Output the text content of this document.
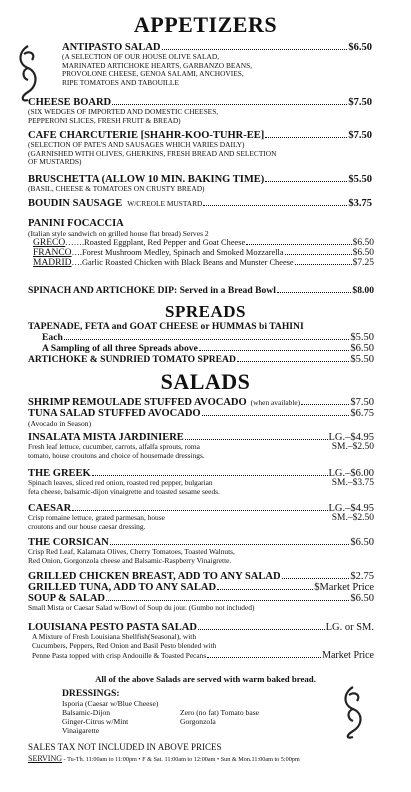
APPETIZERS
ANTIPASTO SALAD	$6.50
(A SELECTION OF OUR HOUSE OLIVE SALAD,
MARINATED ARTICHOKE HEARTS, GARBANZO BEANS,
PROVOLONE CHEESE, GENOA SALAMI, ANCHOVIES,
RIPE TOMATOES AND TABOUILLE
CHEESE BOARD	$7.50
(SIX WEDGES OF IMPORTED AND DOMESTIC CHEESES,
PEPPERONI SLICES, FRESH FRUIT & BREAD)
CAFE CHARCUTERIE [SHAHR-KOO-TUHR-EE]	$7.50
(SELECTION OF PATE'S AND SAUSAGES WHICH VARIES DAILY)
(GARNISHED WITH OLIVES, GHERKINS, FRESH BREAD AND SELECTION
OF MUSTARDS)
BRUSCHETTA (ALLOW 10 MIN. BAKING TIME)	$5.50
(BASIL, CHEESE & TOMATOES ON CRUSTY BREAD)
BOUDIN SAUSAGE W/CREOLE MUSTARD	$3.75
PANINI FOCACCIA
(Italian style sandwich on grilled house flat bread) Serves 2
GRECO …….Roasted Eggplant, Red Pepper and Goat Cheese	$6.50
FRANCO ….Forest Mushroom Medley, Spinach and Smoked Mozzarella	$6.50
MADRID ….Garlic Roasted Chicken with Black Beans and Munster Cheese	$7.25
SPINACH AND ARTICHOKE DIP: Served in a Bread Bowl	$8.00
SPREADS
TAPENADE, FETA and GOAT CHEESE or HUMMAS bi TAHINI
Each	$5.50
A Sampling of all three Spreads above	$6.50
ARTICHOKE & SUNDRIED TOMATO SPREAD	$5.50
SALADS
SHRIMP REMOULADE STUFFED AVOCADO (when available)	$7.50
TUNA SALAD STUFFED AVOCADO	$6.75
(Avocado in Season)
INSALATA MISTA JARDINIERE	LG.–$4.95
Fresh leaf lettuce, cucumber, carrots, alfalfa sprouts, roma	SM.–$2.50
tomato, house croutons and choice of housemade dressings.
THE GREEK	LG.–$6.00
Spinach leaves, sliced red onion, roasted red pepper, bulgarian	SM.–$3.75
feta cheese, balsamic-dijon vinaigrette and toasted sesame seeds.
CAESAR	LG.–$4.95
Crisp romaine lettuce, grated parmesan, house	SM.–$2.50
croutons and our house caesar dressing.
THE CORSICAN	$6.50
Crisp Red Leaf, Kalamata Olives, Cherry Tomatoes, Toasted Walnuts,
Red Onion, Gorgonzola cheese and Balsamic-Raspberry Vinaigrette.
GRILLED CHICKEN BREAST, ADD TO ANY SALAD	$2.75
GRILLED TUNA, ADD TO ANY SALAD	$Market Price
SOUP & SALAD	$6.50
Small Mista or Caesar Salad w/Bowl of Soup du jour. (Gumbo not included)
LOUISIANA PESTO PASTA SALAD	LG. or SM.
A Mixture of Fresh Louisiana Shellfish(Seasonal), with
Cucumbers, Peppers, Red Onion and Basil Pesto blended with
Penne Pasta topped with crisp Andouille & Toasted Pecans	Market Price
All of the above Salads are served with warm baked bread.
DRESSINGS:
Isporia (Caesar w/Blue Cheese)
Balsamic-Dijon
Ginger-Citrus w/Mint
Vinaigarette
Zero (no fat) Tomato base
Gorgonzola
SALES TAX NOT INCLUDED IN ABOVE PRICES
SERVING - Tu-Th. 11:00am to 11:00pm • F & Sat. 11:00am to 12:00am • Sun & Mon.11:00am to 5:00pm
